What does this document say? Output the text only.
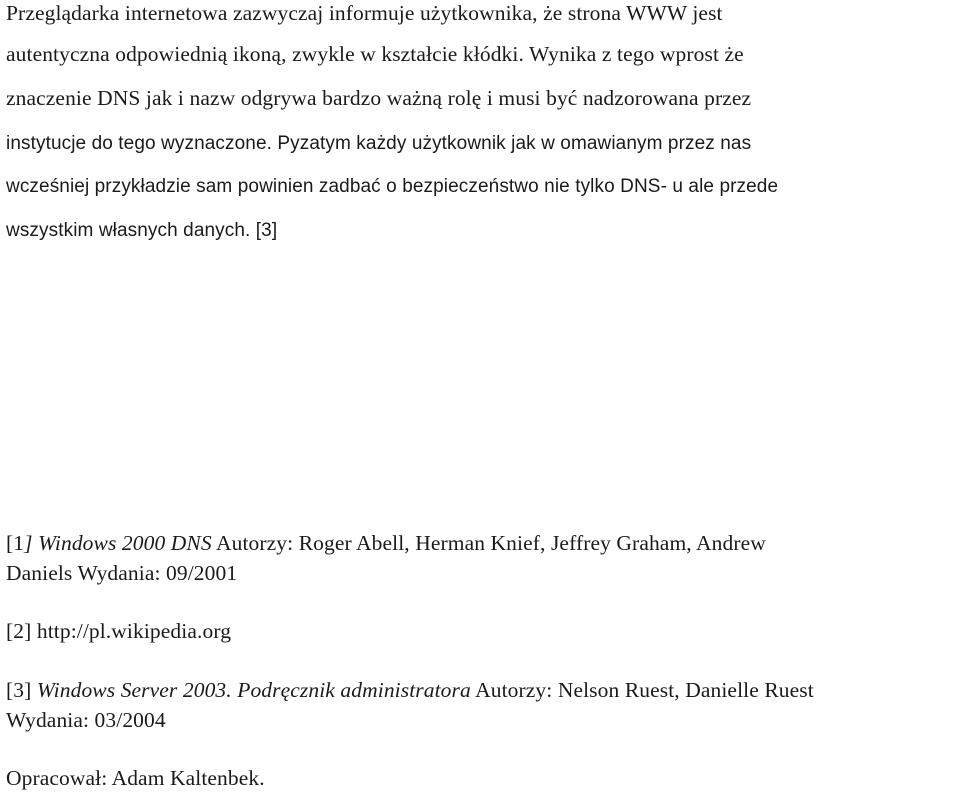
Przeglądarka internetowa zazwyczaj informuje użytkownika, że strona WWW jest
autentyczna odpowiednią ikoną, zwykle w kształcie kłódki. Wynika z tego wprost że
znaczenie DNS jak i nazw odgrywa bardzo ważną rolę i musi być nadzorowana przez
instytucje do tego wyznaczone. Pyzatym każdy użytkownik jak w omawianym przez nas
wcześniej przykładzie sam powinien zadbać o bezpieczeństwo nie tylko DNS- u ale przede
wszystkim własnych danych. [3]
[1] Windows 2000 DNS Autorzy: Roger Abell, Herman Knief, Jeffrey Graham, Andrew
Daniels Wydania: 09/2001
[2] http://pl.wikipedia.org
[3] Windows Server 2003. Podręcznik administratora Autorzy: Nelson Ruest, Danielle Ruest
Wydania: 03/2004
Opracował: Adam Kaltenbek.
